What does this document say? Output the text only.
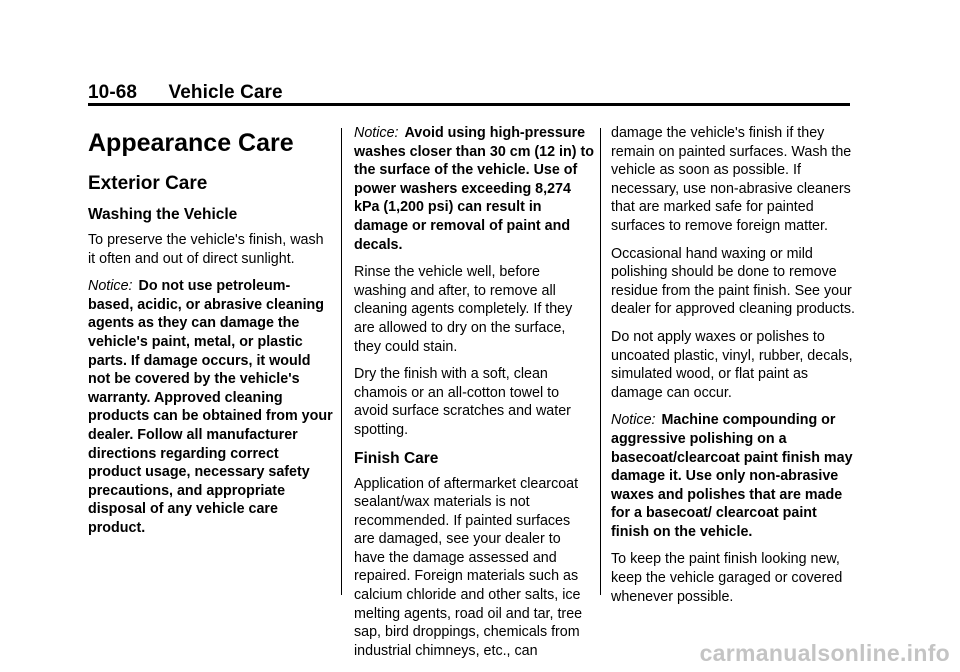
10-68 Vehicle Care
Appearance Care
Exterior Care
Washing the Vehicle

To preserve the vehicle's finish, wash it often and out of direct sunlight.

Notice: Do not use petroleum-based, acidic, or abrasive cleaning agents as they can damage the vehicle's paint, metal, or plastic parts. If damage occurs, it would not be covered by the vehicle's warranty. Approved cleaning products can be obtained from your dealer. Follow all manufacturer directions regarding correct product usage, necessary safety precautions, and appropriate disposal of any vehicle care product.

Notice: Avoid using high-pressure washes closer than 30 cm (12 in) to the surface of the vehicle. Use of power washers exceeding 8,274 kPa (1,200 psi) can result in damage or removal of paint and decals.

Rinse the vehicle well, before washing and after, to remove all cleaning agents completely. If they are allowed to dry on the surface, they could stain.

Dry the finish with a soft, clean chamois or an all-cotton towel to avoid surface scratches and water spotting.

Finish Care

Application of aftermarket clearcoat sealant/wax materials is not recommended. If painted surfaces are damaged, see your dealer to have the damage assessed and repaired. Foreign materials such as calcium chloride and other salts, ice melting agents, road oil and tar, tree sap, bird droppings, chemicals from industrial chimneys, etc., can

damage the vehicle's finish if they remain on painted surfaces. Wash the vehicle as soon as possible. If necessary, use non-abrasive cleaners that are marked safe for painted surfaces to remove foreign matter.

Occasional hand waxing or mild polishing should be done to remove residue from the paint finish. See your dealer for approved cleaning products.

Do not apply waxes or polishes to uncoated plastic, vinyl, rubber, decals, simulated wood, or flat paint as damage can occur.

Notice: Machine compounding or aggressive polishing on a basecoat/clearcoat paint finish may damage it. Use only non-abrasive waxes and polishes that are made for a basecoat/ clearcoat paint finish on the vehicle.

To keep the paint finish looking new, keep the vehicle garaged or covered whenever possible.

carmanualsonline.info
